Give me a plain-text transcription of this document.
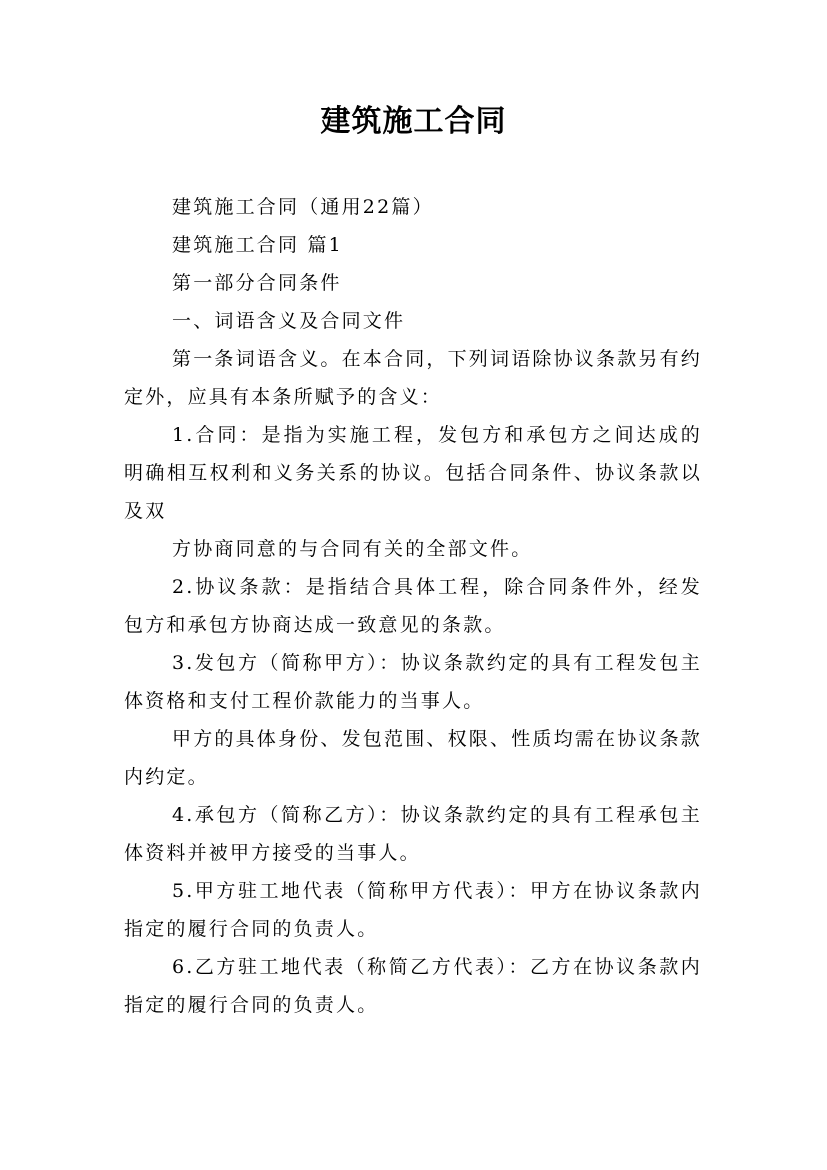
建筑施工合同

建筑施工合同（通用22篇）

建筑施工合同 篇1

第一部分合同条件

一、词语含义及合同文件

第一条词语含义。在本合同，下列词语除协议条款另有约定外，应具有本条所赋予的含义：

1.合同：是指为实施工程，发包方和承包方之间达成的明确相互权利和义务关系的协议。包括合同条件、协议条款以及双

方协商同意的与合同有关的全部文件。

2.协议条款：是指结合具体工程，除合同条件外，经发包方和承包方协商达成一致意见的条款。

3.发包方（简称甲方）：协议条款约定的具有工程发包主体资格和支付工程价款能力的当事人。

甲方的具体身份、发包范围、权限、性质均需在协议条款内约定。

4.承包方（简称乙方）：协议条款约定的具有工程承包主体资料并被甲方接受的当事人。

5.甲方驻工地代表（简称甲方代表）：甲方在协议条款内指定的履行合同的负责人。

6.乙方驻工地代表（称简乙方代表）：乙方在协议条款内指定的履行合同的负责人。
